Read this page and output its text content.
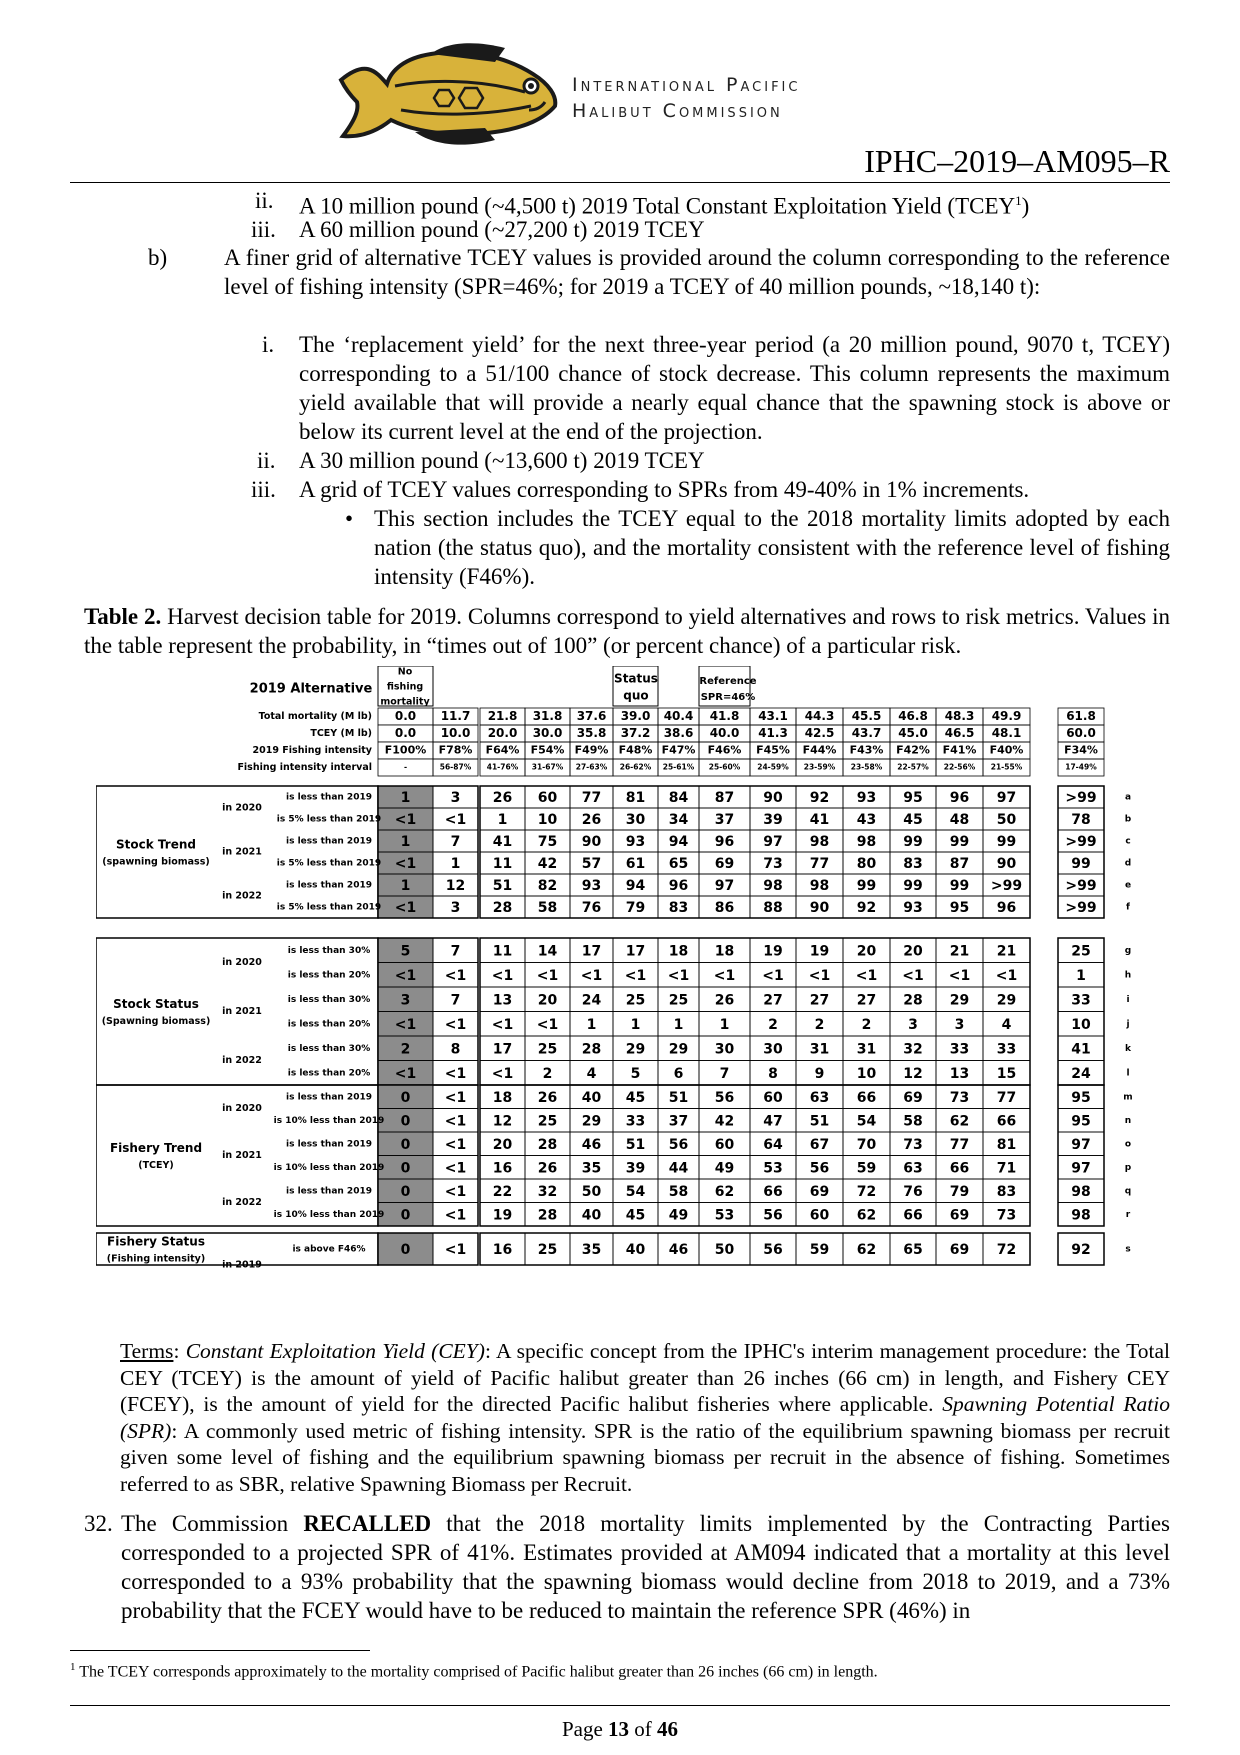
International Pacific
Halibut Commission
IPHC–2019–AM095–R
ii. A 10 million pound (~4,500 t) 2019 Total Constant Exploitation Yield (TCEY$^1$)
iii. A 60 million pound (~27,200 t) 2019 TCEY
b) A finer grid of alternative TCEY values is provided around the column corresponding to the reference level of fishing intensity (SPR=46%; for 2019 a TCEY of 40 million pounds, ~18,140 t):
i. The ‘replacement yield’ for the next three-year period (a 20 million pound, 9070 t, TCEY) corresponding to a 51/100 chance of stock decrease. This column represents the maximum yield available that will provide a nearly equal chance that the spawning stock is above or below its current level at the end of the projection.
ii. A 30 million pound (~13,600 t) 2019 TCEY
iii. A grid of TCEY values corresponding to SPRs from 49-40% in 1% increments.
• This section includes the TCEY equal to the 2018 mortality limits adopted by each nation (the status quo), and the mortality consistent with the reference level of fishing intensity (F46%).
Table 2. Harvest decision table for 2019. Columns correspond to yield alternatives and rows to risk metrics. Values in the table represent the probability, in “times out of 100” (or percent chance) of a particular risk.
2019 Alternative
No
fishing
mortality
Status
quo
Reference
SPR=46%
Total mortality (M lb) 0.0 11.7 21.8 31.8 37.6 39.0 40.4 41.8 43.1 44.3 45.5 46.8 48.3 49.9	61.8
TCEY (M lb) 0.0 10.0 20.0 30.0 35.8 37.2 38.6 40.0 41.3 42.5 43.7 45.0 46.5 48.1	60.0
2019 Fishing intensity F100% F78% F64% F54% F49% F48% F47% F46% F45% F44% F43% F42% F41% F40%	F34%
Fishing intensity interval	-	56-87% 41-76% 31-67% 27-63% 26-62% 25-61% 25-60% 24-59% 23-59% 23-58% 22-57% 22-56% 21-55%	17-49%
Stock Trend
(spawning biomass)
in 2020
is less than 2019 1	3 26 60 77 81 84 87 90 92 93 95 96 97	>99	a
is 5% less than 2019 <1 <1 1 10 26 30 34 37 39 41 43 45 48 50	78	b
in 2021
is less than 2019 1	7 41 75 90 93 94 96 97 98 98 99 99 99	>99	c
is 5% less than 2019 <1 1 11 42 57 61 65 69 73 77 80 83 87 90	99	d
in 2022
is less than 2019 1	12 51 82 93 94 96 97 98 98 99 99 99 >99	>99	e
is 5% less than 2019 <1 3 28 58 76 79 83 86 88 90 92 93 95 96	>99	f
Stock Status
(Spawning biomass)
in 2020
is less than 30% 5	7 11 14 17 17 18 18 19 19 20 20 21 21	25	g
is less than 20% <1 <1 <1 <1 <1 <1 <1 <1 <1 <1 <1 <1 <1 <1	1	h
in 2021
is less than 30% 3	7 13 20 24 25 25 26 27 27 27 28 29 29	33	i
is less than 20% <1 <1 <1 <1 1 1 1	1	2	2	2	3	3	4	10	j
in 2022
is less than 30% 2	8 17 25 28 29 29 30 30 31 31 32 33 33	41	k
is less than 20% <1 <1 <1 2 4 5 6	7	8	9 10 12 13 15	24	l
Fishery Trend
(TCEY)
in 2020
is less than 2019 0 <1 18 26 40 45 51 56 60 63 66 69 73 77	95	m
is 10% less than 2019 0 <1 12 25 29 33 37 42 47 51 54 58 62 66	95	n
in 2021
is less than 2019 0 <1 20 28 46 51 56 60 64 67 70 73 77 81	97	o
is 10% less than 2019 0 <1 16 26 35 39 44 49 53 56 59 63 66 71	97	p
in 2022
is less than 2019 0 <1 22 32 50 54 58 62 66 69 72 76 79 83	98	q
is 10% less than 2019 0 <1 19 28 40 45 49 53 56 60 62 66 69 73	98	r
Fishery Status
(Fishing intensity)
in 2019
is above F46%	0 <1 16 25 35 40 46 50 56 59 62 65 69 72	92	s
Terms: Constant Exploitation Yield (CEY): A specific concept from the IPHC's interim management procedure: the Total CEY (TCEY) is the amount of yield of Pacific halibut greater than 26 inches (66 cm) in length, and Fishery CEY (FCEY), is the amount of yield for the directed Pacific halibut fisheries where applicable. Spawning Potential Ratio (SPR): A commonly used metric of fishing intensity. SPR is the ratio of the equilibrium spawning biomass per recruit given some level of fishing and the equilibrium spawning biomass per recruit in the absence of fishing. Sometimes referred to as SBR, relative Spawning Biomass per Recruit.
32. The Commission RECALLED that the 2018 mortality limits implemented by the Contracting Parties corresponded to a projected SPR of 41%. Estimates provided at AM094 indicated that a mortality at this level corresponded to a 93% probability that the spawning biomass would decline from 2018 to 2019, and a 73% probability that the FCEY would have to be reduced to maintain the reference SPR (46%) in
$^1$ The TCEY corresponds approximately to the mortality comprised of Pacific halibut greater than 26 inches (66 cm) in length.
Page 13 of 46
